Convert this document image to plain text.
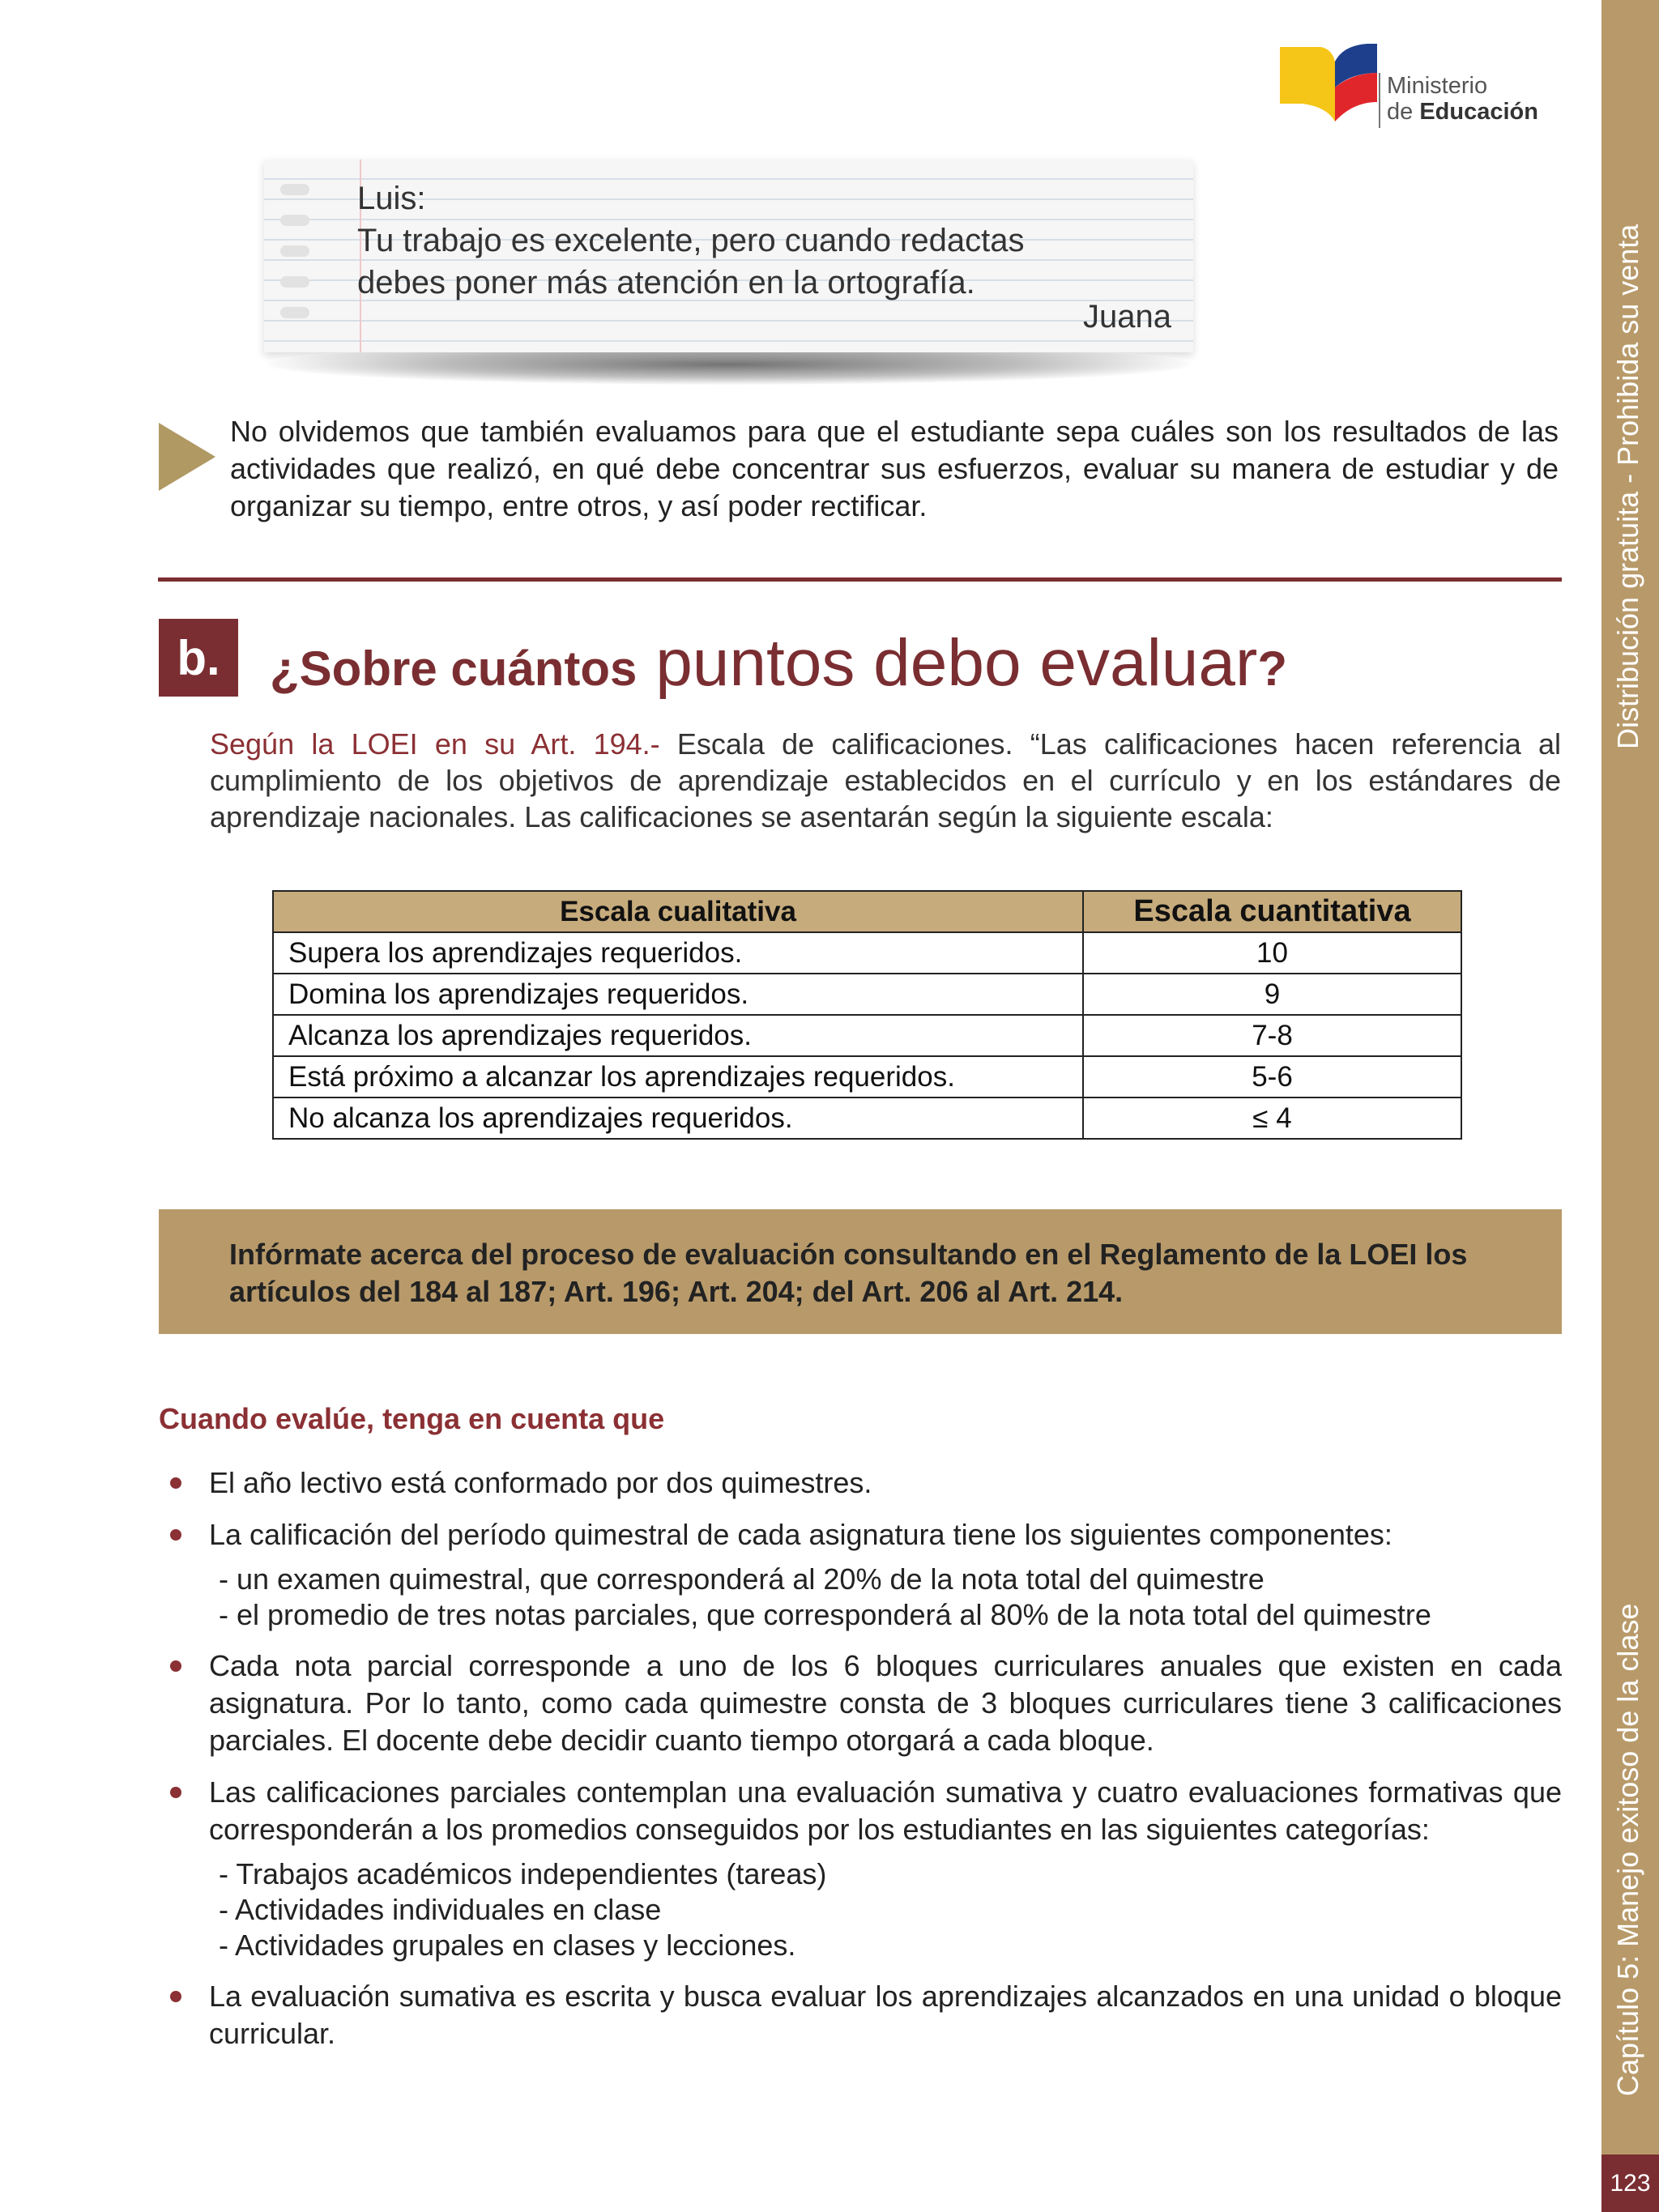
Distribución gratuita - Prohibida su venta
Capítulo 5: Manejo exitoso de la clase
123
Ministerio
de Educación
Luis:
Tu trabajo es excelente, pero cuando redactas
debes poner más atención en la ortografía.
Juana
No olvidemos que también evaluamos para que el estudiante sepa cuáles son los resultados de las actividades que realizó, en qué debe concentrar sus esfuerzos, evaluar su manera de estudiar y de organizar su tiempo, entre otros, y así poder rectificar.
b.	¿Sobre cuántos puntos debo evaluar?
Según la LOEI en su Art. 194.- Escala de calificaciones. “Las calificaciones hacen referencia al cumplimiento de los objetivos de aprendizaje establecidos en el currículo y en los estándares de aprendizaje nacionales. Las calificaciones se asentarán según la siguiente escala:
Escala cualitativa	Escala cuantitativa
Supera los aprendizajes requeridos.	10
Domina los aprendizajes requeridos.	9
Alcanza los aprendizajes requeridos.	7-8
Está próximo a alcanzar los aprendizajes requeridos.	5-6
No alcanza los aprendizajes requeridos.	≤ 4
Infórmate acerca del proceso de evaluación consultando en el Reglamento de la LOEI los artículos del 184 al 187; Art. 196; Art. 204; del Art. 206 al Art. 214.
Cuando evalúe, tenga en cuenta que
El año lectivo está conformado por dos quimestres.
La calificación del período quimestral de cada asignatura tiene los siguientes componentes:
- un examen quimestral, que corresponderá al 20% de la nota total del quimestre
- el promedio de tres notas parciales, que corresponderá al 80% de la nota total del quimestre
Cada nota parcial corresponde a uno de los 6 bloques curriculares anuales que existen en cada asignatura. Por lo tanto, como cada quimestre consta de 3 bloques curriculares tiene 3 calificaciones parciales. El docente debe decidir cuanto tiempo otorgará a cada bloque.
Las calificaciones parciales contemplan una evaluación sumativa y cuatro evaluaciones formativas que corresponderán a los promedios conseguidos por los estudiantes en las siguientes categorías:
- Trabajos académicos independientes (tareas)
- Actividades individuales en clase
- Actividades grupales en clases y lecciones.
La evaluación sumativa es escrita y busca evaluar los aprendizajes alcanzados en una unidad o bloque curricular.
